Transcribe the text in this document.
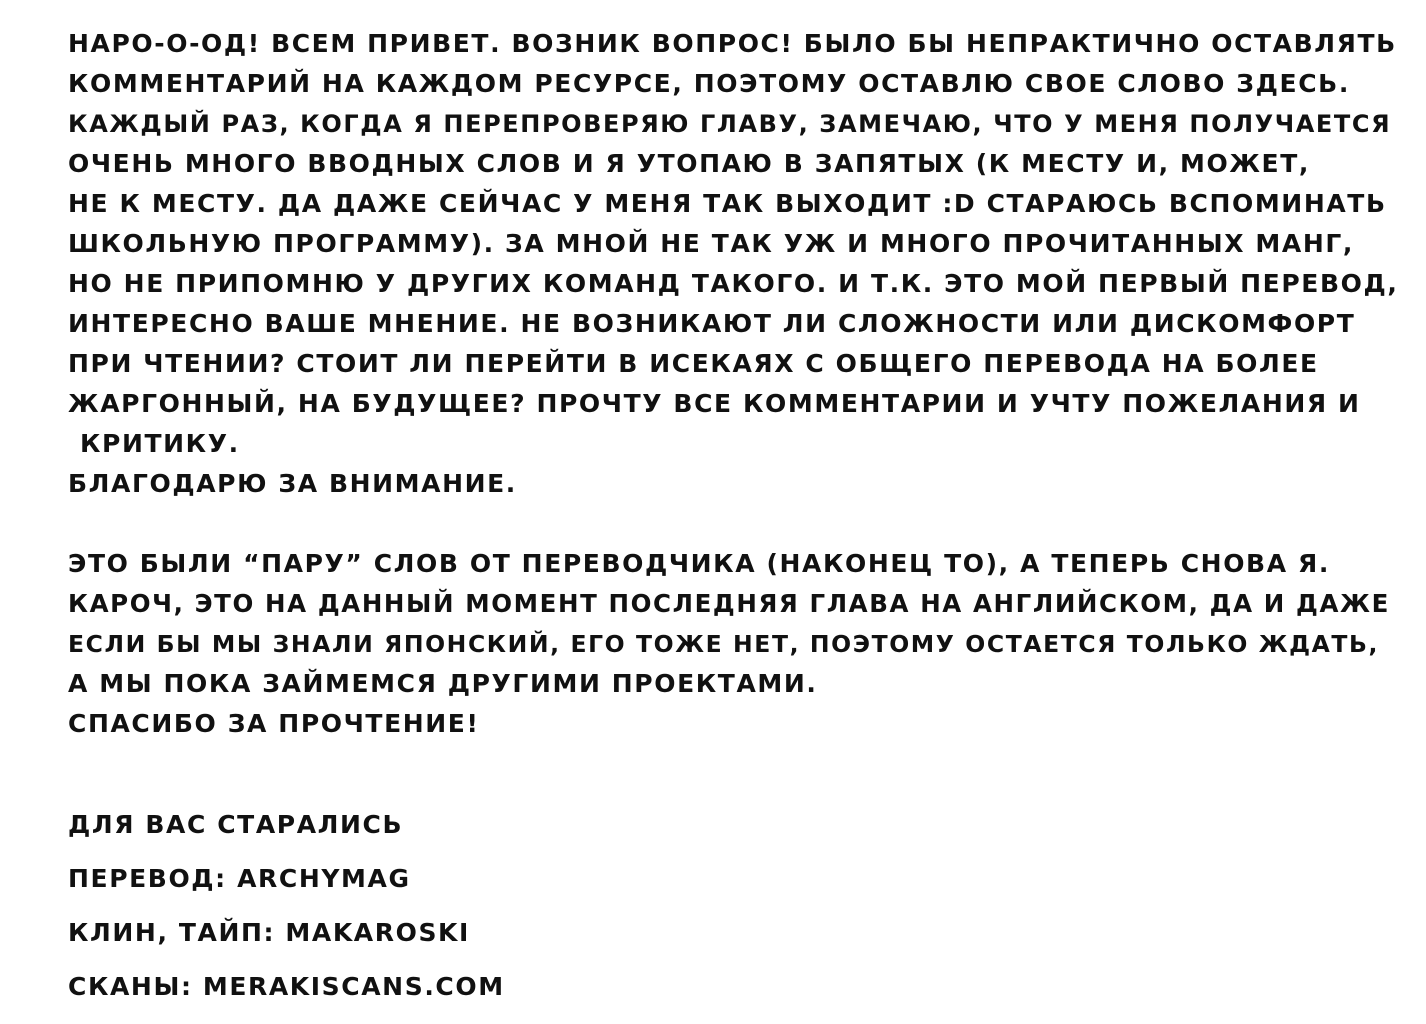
НАРО-О-ОД! ВСЕМ ПРИВЕТ. ВОЗНИК ВОПРОС! БЫЛО БЫ НЕПРАКТИЧНО ОСТАВЛЯТЬ
КОММЕНТАРИЙ НА КАЖДОМ РЕСУРСЕ, ПОЭТОМУ ОСТАВЛЮ СВОЕ СЛОВО ЗДЕСЬ.
КАЖДЫЙ РАЗ, КОГДА Я ПЕРЕПРОВЕРЯЮ ГЛАВУ, ЗАМЕЧАЮ, ЧТО У МЕНЯ ПОЛУЧАЕТСЯ
ОЧЕНЬ МНОГО ВВОДНЫХ СЛОВ И Я УТОПАЮ В ЗАПЯТЫХ (К МЕСТУ И, МОЖЕТ,
НЕ К МЕСТУ. ДА ДАЖЕ СЕЙЧАС У МЕНЯ ТАК ВЫХОДИТ :D СТАРАЮСЬ ВСПОМИНАТЬ
ШКОЛЬНУЮ ПРОГРАММУ). ЗА МНОЙ НЕ ТАК УЖ И МНОГО ПРОЧИТАННЫХ МАНГ,
НО НЕ ПРИПОМНЮ У ДРУГИХ КОМАНД ТАКОГО. И Т.К. ЭТО МОЙ ПЕРВЫЙ ПЕРЕВОД,
ИНТЕРЕСНО ВАШЕ МНЕНИЕ. НЕ ВОЗНИКАЮТ ЛИ СЛОЖНОСТИ ИЛИ ДИСКОМФОРТ
ПРИ ЧТЕНИИ? СТОИТ ЛИ ПЕРЕЙТИ В ИСЕКАЯХ С ОБЩЕГО ПЕРЕВОДА НА БОЛЕЕ
ЖАРГОННЫЙ, НА БУДУЩЕЕ? ПРОЧТУ ВСЕ КОММЕНТАРИИ И УЧТУ ПОЖЕЛАНИЯ И
КРИТИКУ.
БЛАГОДАРЮ ЗА ВНИМАНИЕ.
ЭТО БЫЛИ “ПАРУ” СЛОВ ОТ ПЕРЕВОДЧИКА (НАКОНЕЦ ТО), А ТЕПЕРЬ СНОВА Я.
КАРОЧ, ЭТО НА ДАННЫЙ МОМЕНТ ПОСЛЕДНЯЯ ГЛАВА НА АНГЛИЙСКОМ, ДА И ДАЖЕ
ЕСЛИ БЫ МЫ ЗНАЛИ ЯПОНСКИЙ, ЕГО ТОЖЕ НЕТ, ПОЭТОМУ ОСТАЕТСЯ ТОЛЬКО ЖДАТЬ,
А МЫ ПОКА ЗАЙМЕМСЯ ДРУГИМИ ПРОЕКТАМИ.
СПАСИБО ЗА ПРОЧТЕНИЕ!
ДЛЯ ВАС СТАРАЛИСЬ
ПЕРЕВОД: ARCHYMAG
КЛИН, ТАЙП: MAKAROSKI
СКАНЫ: MERAKISCANS.COM
